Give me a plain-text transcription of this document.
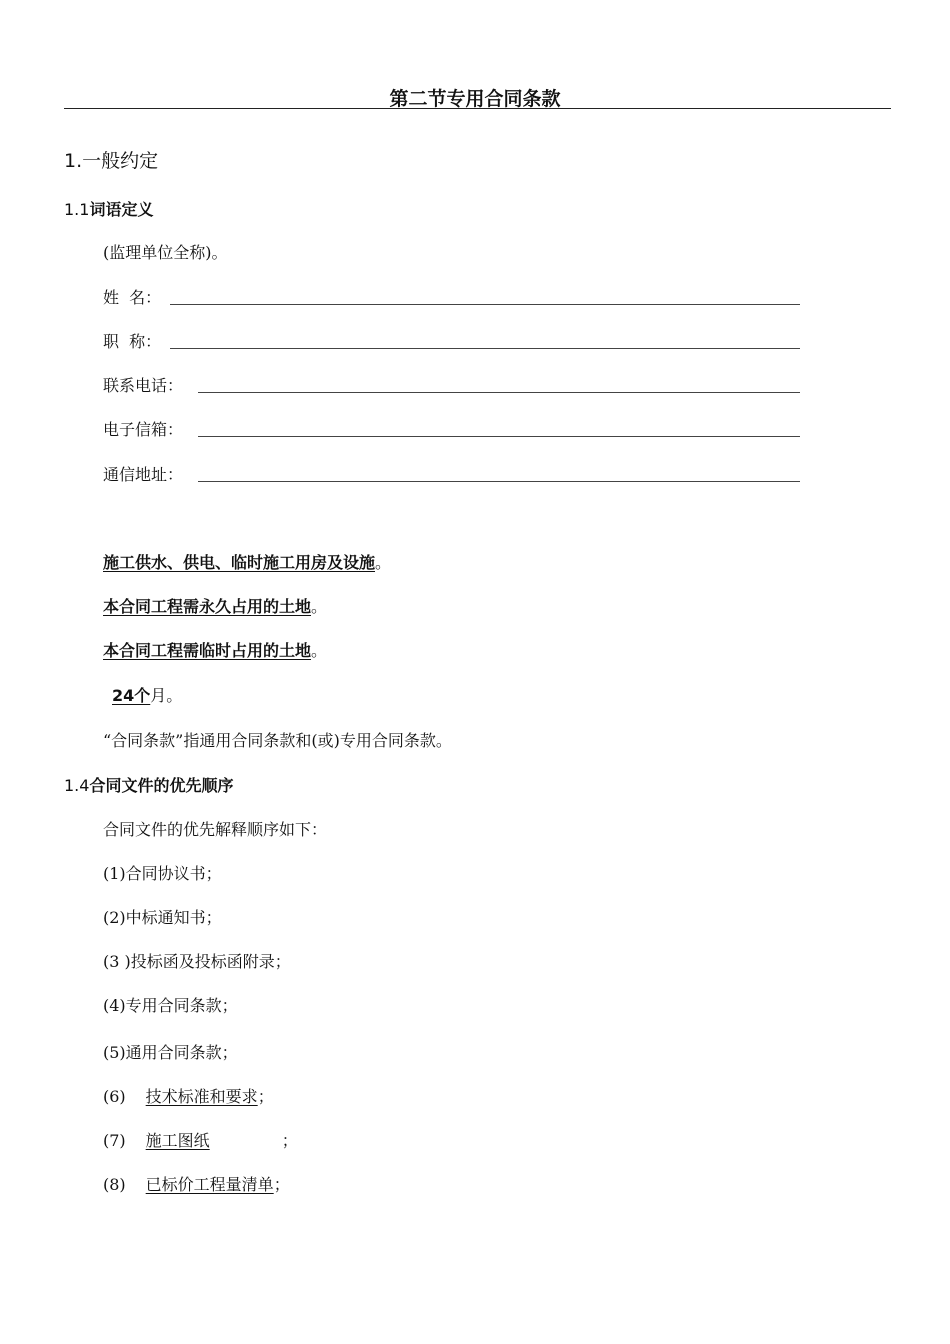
第二节专用合同条款
1.一般约定
1.1词语定义
(监理单位全称)。
姓  名：
职  称：
联系电话：
电子信箱：
通信地址：
施工供水、供电、临时施工用房及设施。
本合同工程需永久占用的土地。
本合同工程需临时占用的土地。
24个月。
“合同条款”指通用合同条款和(或)专用合同条款。
1.4合同文件的优先顺序
合同文件的优先解释顺序如下：
(1)合同协议书；
(2)中标通知书；
(3 )投标函及投标函附录；
(4)专用合同条款；
(5)通用合同条款；
(6) 技术标准和要求；
(7) 施工图纸	；
(8) 已标价工程量清单；
